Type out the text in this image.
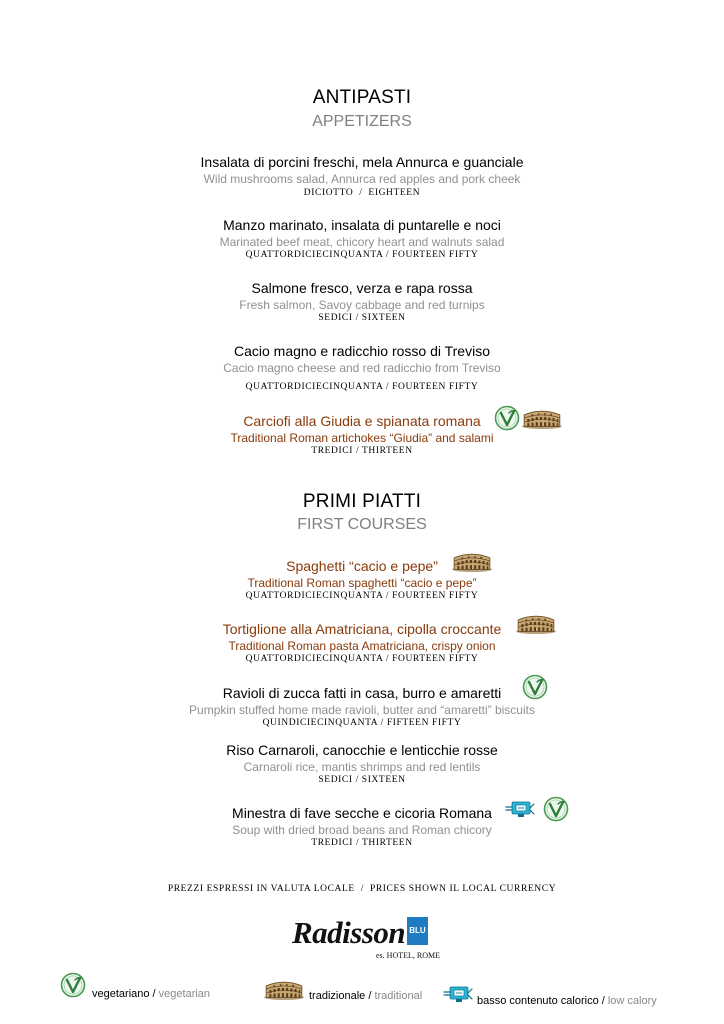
ANTIPASTI
APPETIZERS
Insalata di porcini freschi, mela Annurca e guanciale
Wild mushrooms salad, Annurca red apples and pork cheek
DICIOTTO  /  EIGHTEEN
Manzo marinato, insalata di puntarelle e noci
Marinated beef meat, chicory heart and walnuts salad
QUATTORDICIECINQUANTA / FOURTEEN FIFTY
Salmone fresco, verza e rapa rossa
Fresh salmon, Savoy cabbage and red turnips
SEDICI / SIXTEEN
Cacio magno e radicchio rosso di Treviso
Cacio magno cheese and red radicchio from Treviso
QUATTORDICIECINQUANTA / FOURTEEN FIFTY
Carciofi alla Giudia e spianata romana
Traditional Roman artichokes “Giudia” and salami
TREDICI / THIRTEEN
PRIMI PIATTI
FIRST COURSES
Spaghetti “cacio e pepe”
Traditional Roman spaghetti “cacio e pepe”
QUATTORDICIECINQUANTA / FOURTEEN FIFTY
Tortiglione alla Amatriciana, cipolla croccante
Traditional Roman pasta Amatriciana, crispy onion
QUATTORDICIECINQUANTA / FOURTEEN FIFTY
Ravioli di zucca fatti in casa, burro e amaretti
Pumpkin stuffed home made ravioli, butter and “amaretti” biscuits
QUINDICIECINQUANTA / FIFTEEN FIFTY
Riso Carnaroli, canocchie e lenticchie rosse
Carnaroli rice, mantis shrimps and red lentils
SEDICI / SIXTEEN
Minestra di fave secche e cicoria Romana
Soup with dried broad beans and Roman chicory
TREDICI / THIRTEEN
PREZZI ESPRESSI IN VALUTA LOCALE  /  PRICES SHOWN IL LOCAL CURRENCY
Radisson BLU
es. HOTEL, ROME
vegetariano / vegetarian	tradizionale / traditional	basso contenuto calorico / low calory
